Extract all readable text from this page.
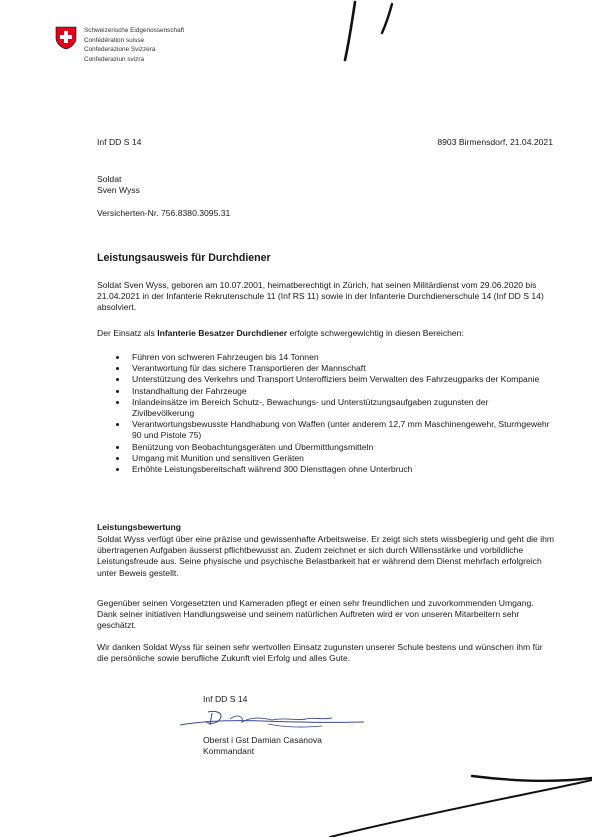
Schweizerische Eidgenossenschaft
Confédération suisse
Confederazione Svizzera
Confederaziun svizra
Inf DD S 14	8903 Birmensdorf, 21.04.2021
Soldat
Sven Wyss
Versicherten-Nr. 756.8380.3095.31
Leistungsausweis für Durchdiener
Soldat Sven Wyss, geboren am 10.07.2001, heimatberechtigt in Zürich, hat seinen Militärdienst vom 29.06.2020 bis 21.04.2021 in der Infanterie Rekrutenschule 11 (Inf RS 11) sowie in der Infanterie Durchdienerschule 14 (Inf DD S 14) absolviert.
Der Einsatz als Infanterie Besatzer Durchdiener erfolgte schwergewichtig in diesen Bereichen:
Führen von schweren Fahrzeugen bis 14 Tonnen
Verantwortung für das sichere Transportieren der Mannschaft
Unterstützung des Verkehrs und Transport Unteroffiziers beim Verwalten des Fahrzeugparks der Kompanie
Instandhaltung der Fahrzeuge
Inlandeinsätze im Bereich Schutz-, Bewachungs- und Unterstützungsaufgaben zugunsten der Zivilbevölkerung
Verantwortungsbewusste Handhabung von Waffen (unter anderem 12,7 mm Maschinengewehr, Sturmgewehr 90 und Pistole 75)
Benützung von Beobachtungsgeräten und Übermittlungsmitteln
Umgang mit Munition und sensitiven Geräten
Erhöhte Leistungsbereitschaft während 300 Diensttagen ohne Unterbruch
Leistungsbewertung
Soldat Wyss verfügt über eine präzise und gewissenhafte Arbeitsweise. Er zeigt sich stets wissbegierig und geht die ihm übertragenen Aufgaben äusserst pflichtbewusst an. Zudem zeichnet er sich durch Willensstärke und vorbildliche Leistungsfreude aus. Seine physische und psychische Belastbarkeit hat er während dem Dienst mehrfach erfolgreich unter Beweis gestellt.
Gegenüber seinen Vorgesetzten und Kameraden pflegt er einen sehr freundlichen und zuvorkommenden Umgang. Dank seiner initiativen Handlungsweise und seinem natürlichen Auftreten wird er von unseren Mitarbeitern sehr geschätzt.
Wir danken Soldat Wyss für seinen sehr wertvollen Einsatz zugunsten unserer Schule bestens und wünschen ihm für die persönliche sowie berufliche Zukunft viel Erfolg und alles Gute.
Inf DD S 14
Oberst i Gst Damian Casanova
Kommandant
